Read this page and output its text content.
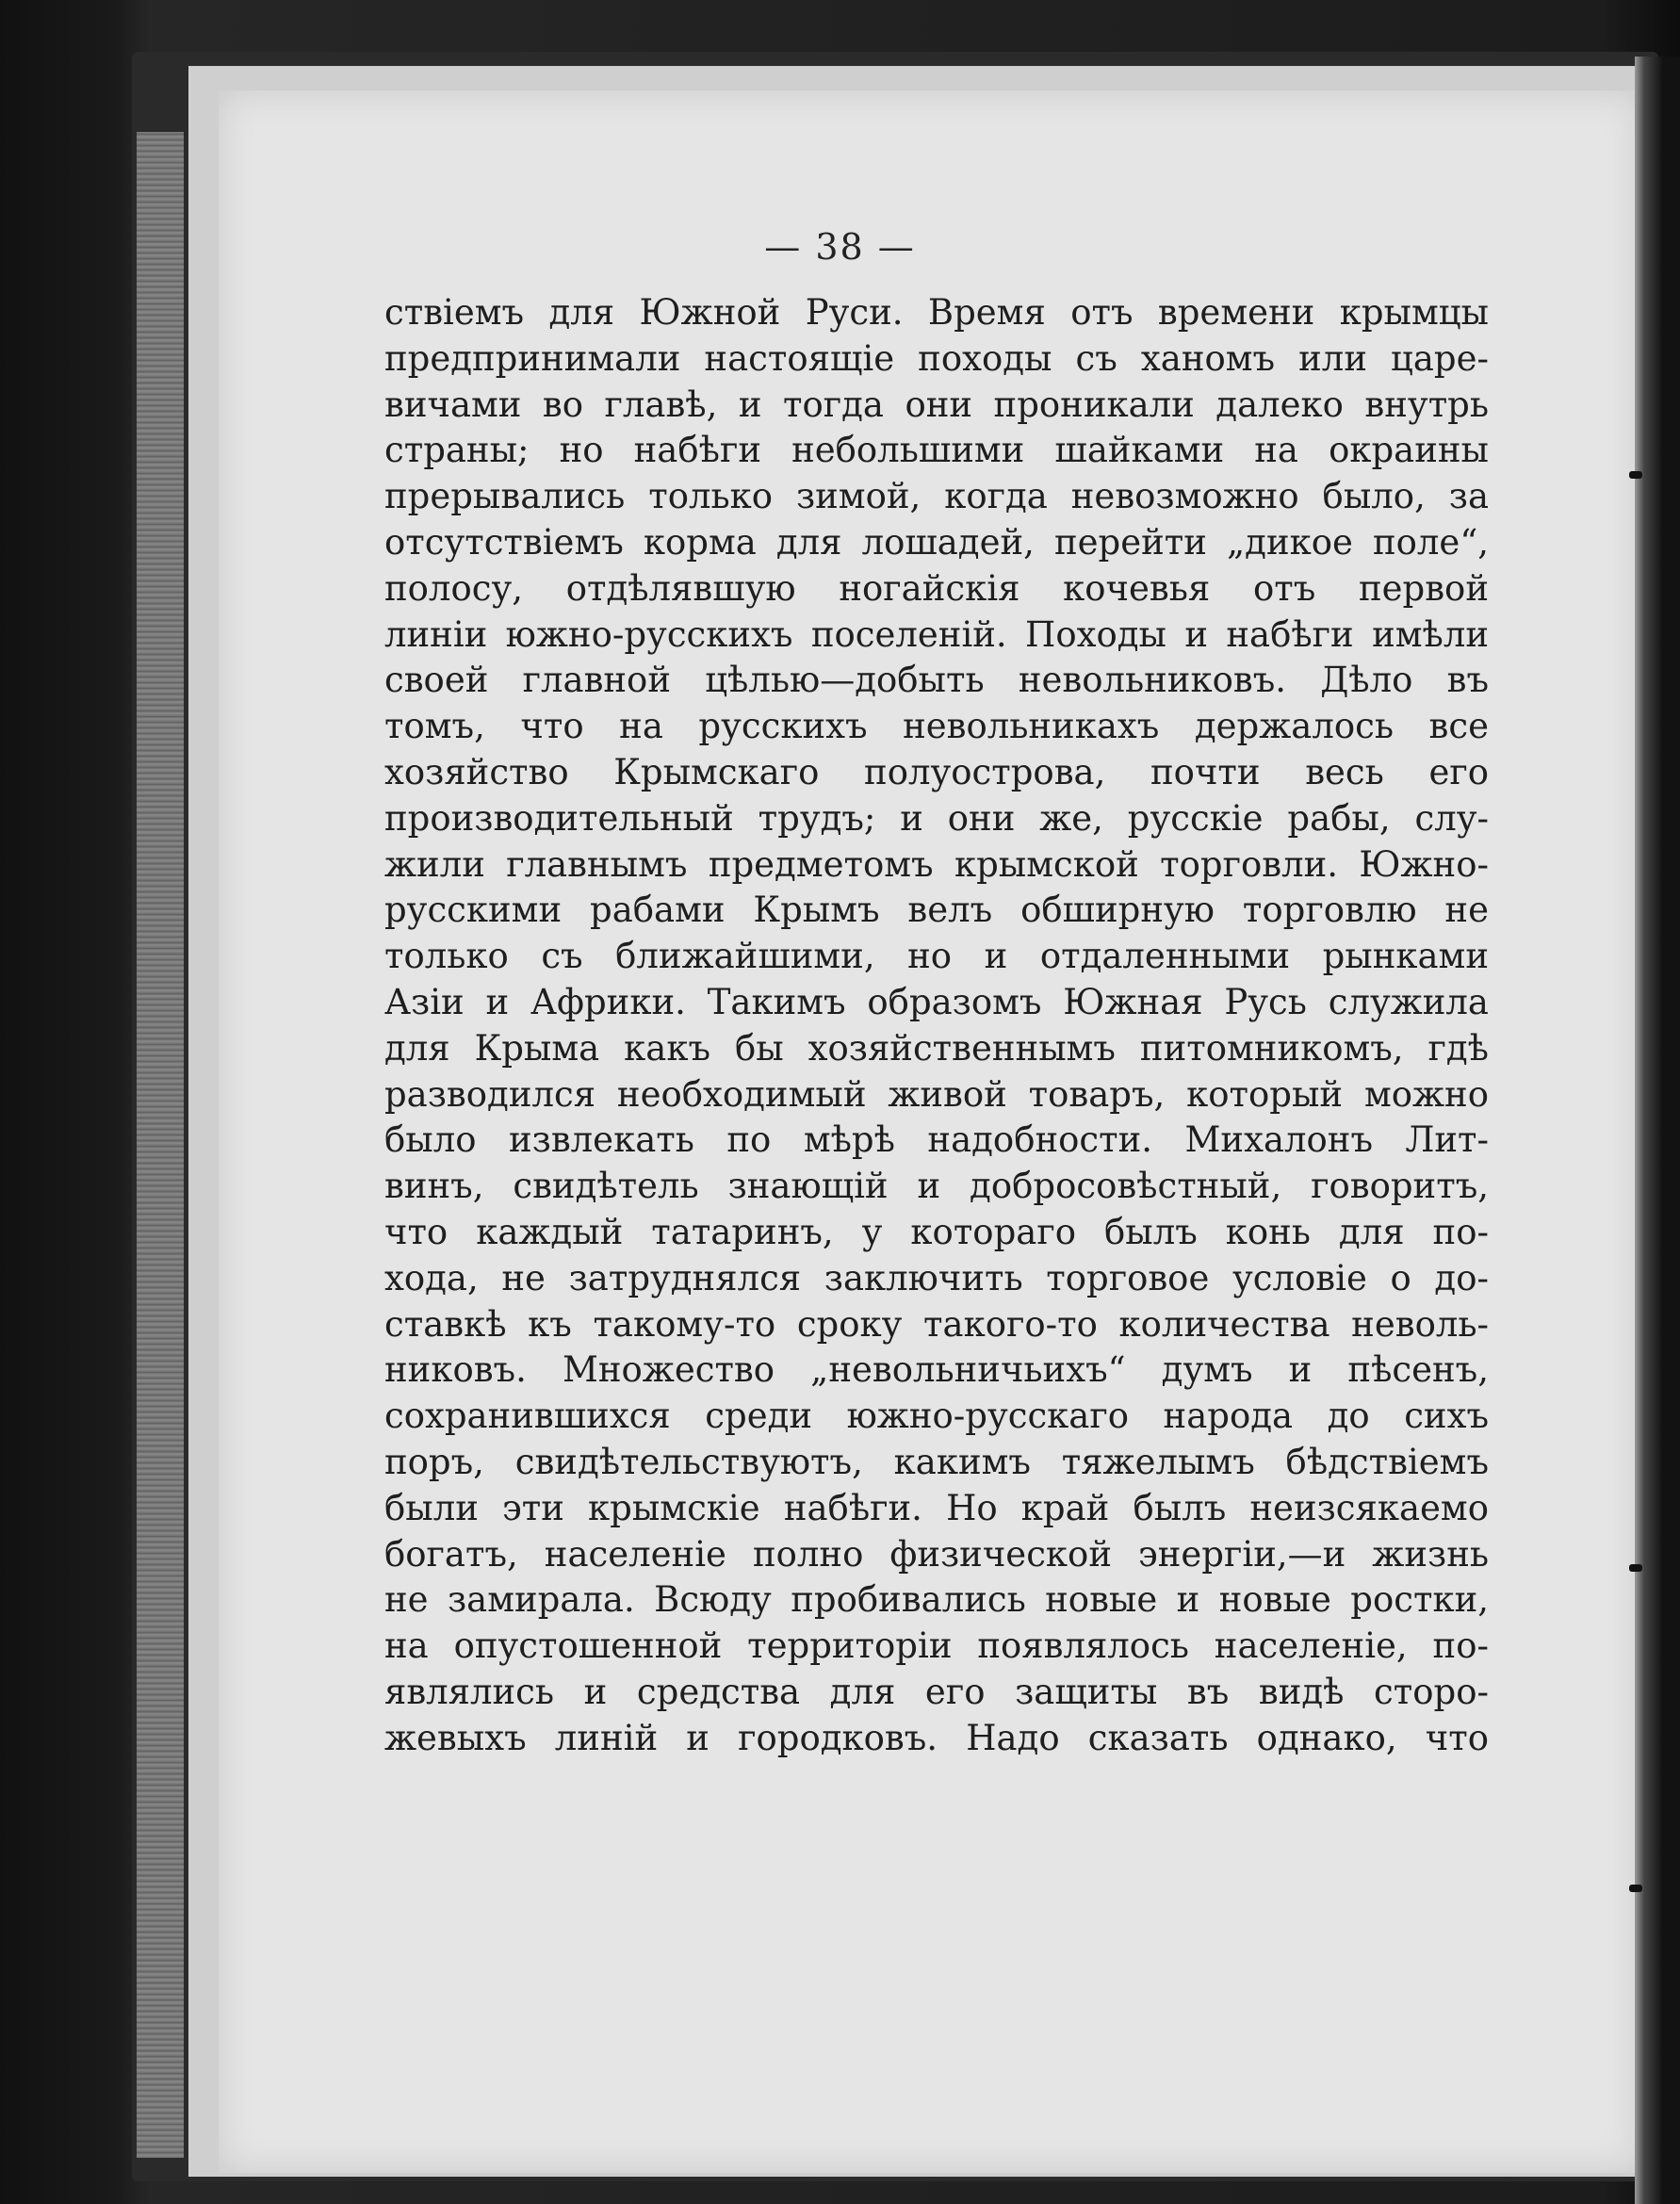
— 38 —
ствіемъ для Южной Руси. Время отъ времени крымцы
предпринимали настоящіе походы съ ханомъ или царе-
вичами во главѣ, и тогда они проникали далеко внутрь
страны; но набѣги небольшими шайками на окраины
прерывались только зимой, когда невозможно было, за
отсутствіемъ корма для лошадей, перейти „дикое поле“,
полосу, отдѣлявшую ногайскія кочевья отъ первой
линіи южно-русскихъ поселеній. Походы и набѣги имѣли
своей главной цѣлью—добыть невольниковъ. Дѣло въ
томъ, что на русскихъ невольникахъ держалось все
хозяйство Крымскаго полуострова, почти весь его
производительный трудъ; и они же, русскіе рабы, слу-
жили главнымъ предметомъ крымской торговли. Южно-
русскими рабами Крымъ велъ обширную торговлю не
только съ ближайшими, но и отдаленными рынками
Азіи и Африки. Такимъ образомъ Южная Русь служила
для Крыма какъ бы хозяйственнымъ питомникомъ, гдѣ
разводился необходимый живой товаръ, который можно
было извлекать по мѣрѣ надобности. Михалонъ Лит-
винъ, свидѣтель знающій и добросовѣстный, говоритъ,
что каждый татаринъ, у котораго былъ конь для по-
хода, не затруднялся заключить торговое условіе о до-
ставкѣ къ такому-то сроку такого-то количества неволь-
никовъ. Множество „невольничьихъ“ думъ и пѣсенъ,
сохранившихся среди южно-русскаго народа до сихъ
поръ, свидѣтельствуютъ, какимъ тяжелымъ бѣдствіемъ
были эти крымскіе набѣги. Но край былъ неизсякаемо
богатъ, населеніе полно физической энергіи,—и жизнь
не замирала. Всюду пробивались новые и новые ростки,
на опустошенной территоріи появлялось населеніе, по-
являлись и средства для его защиты въ видѣ сторо-
жевыхъ линій и городковъ. Надо сказать однако, что
